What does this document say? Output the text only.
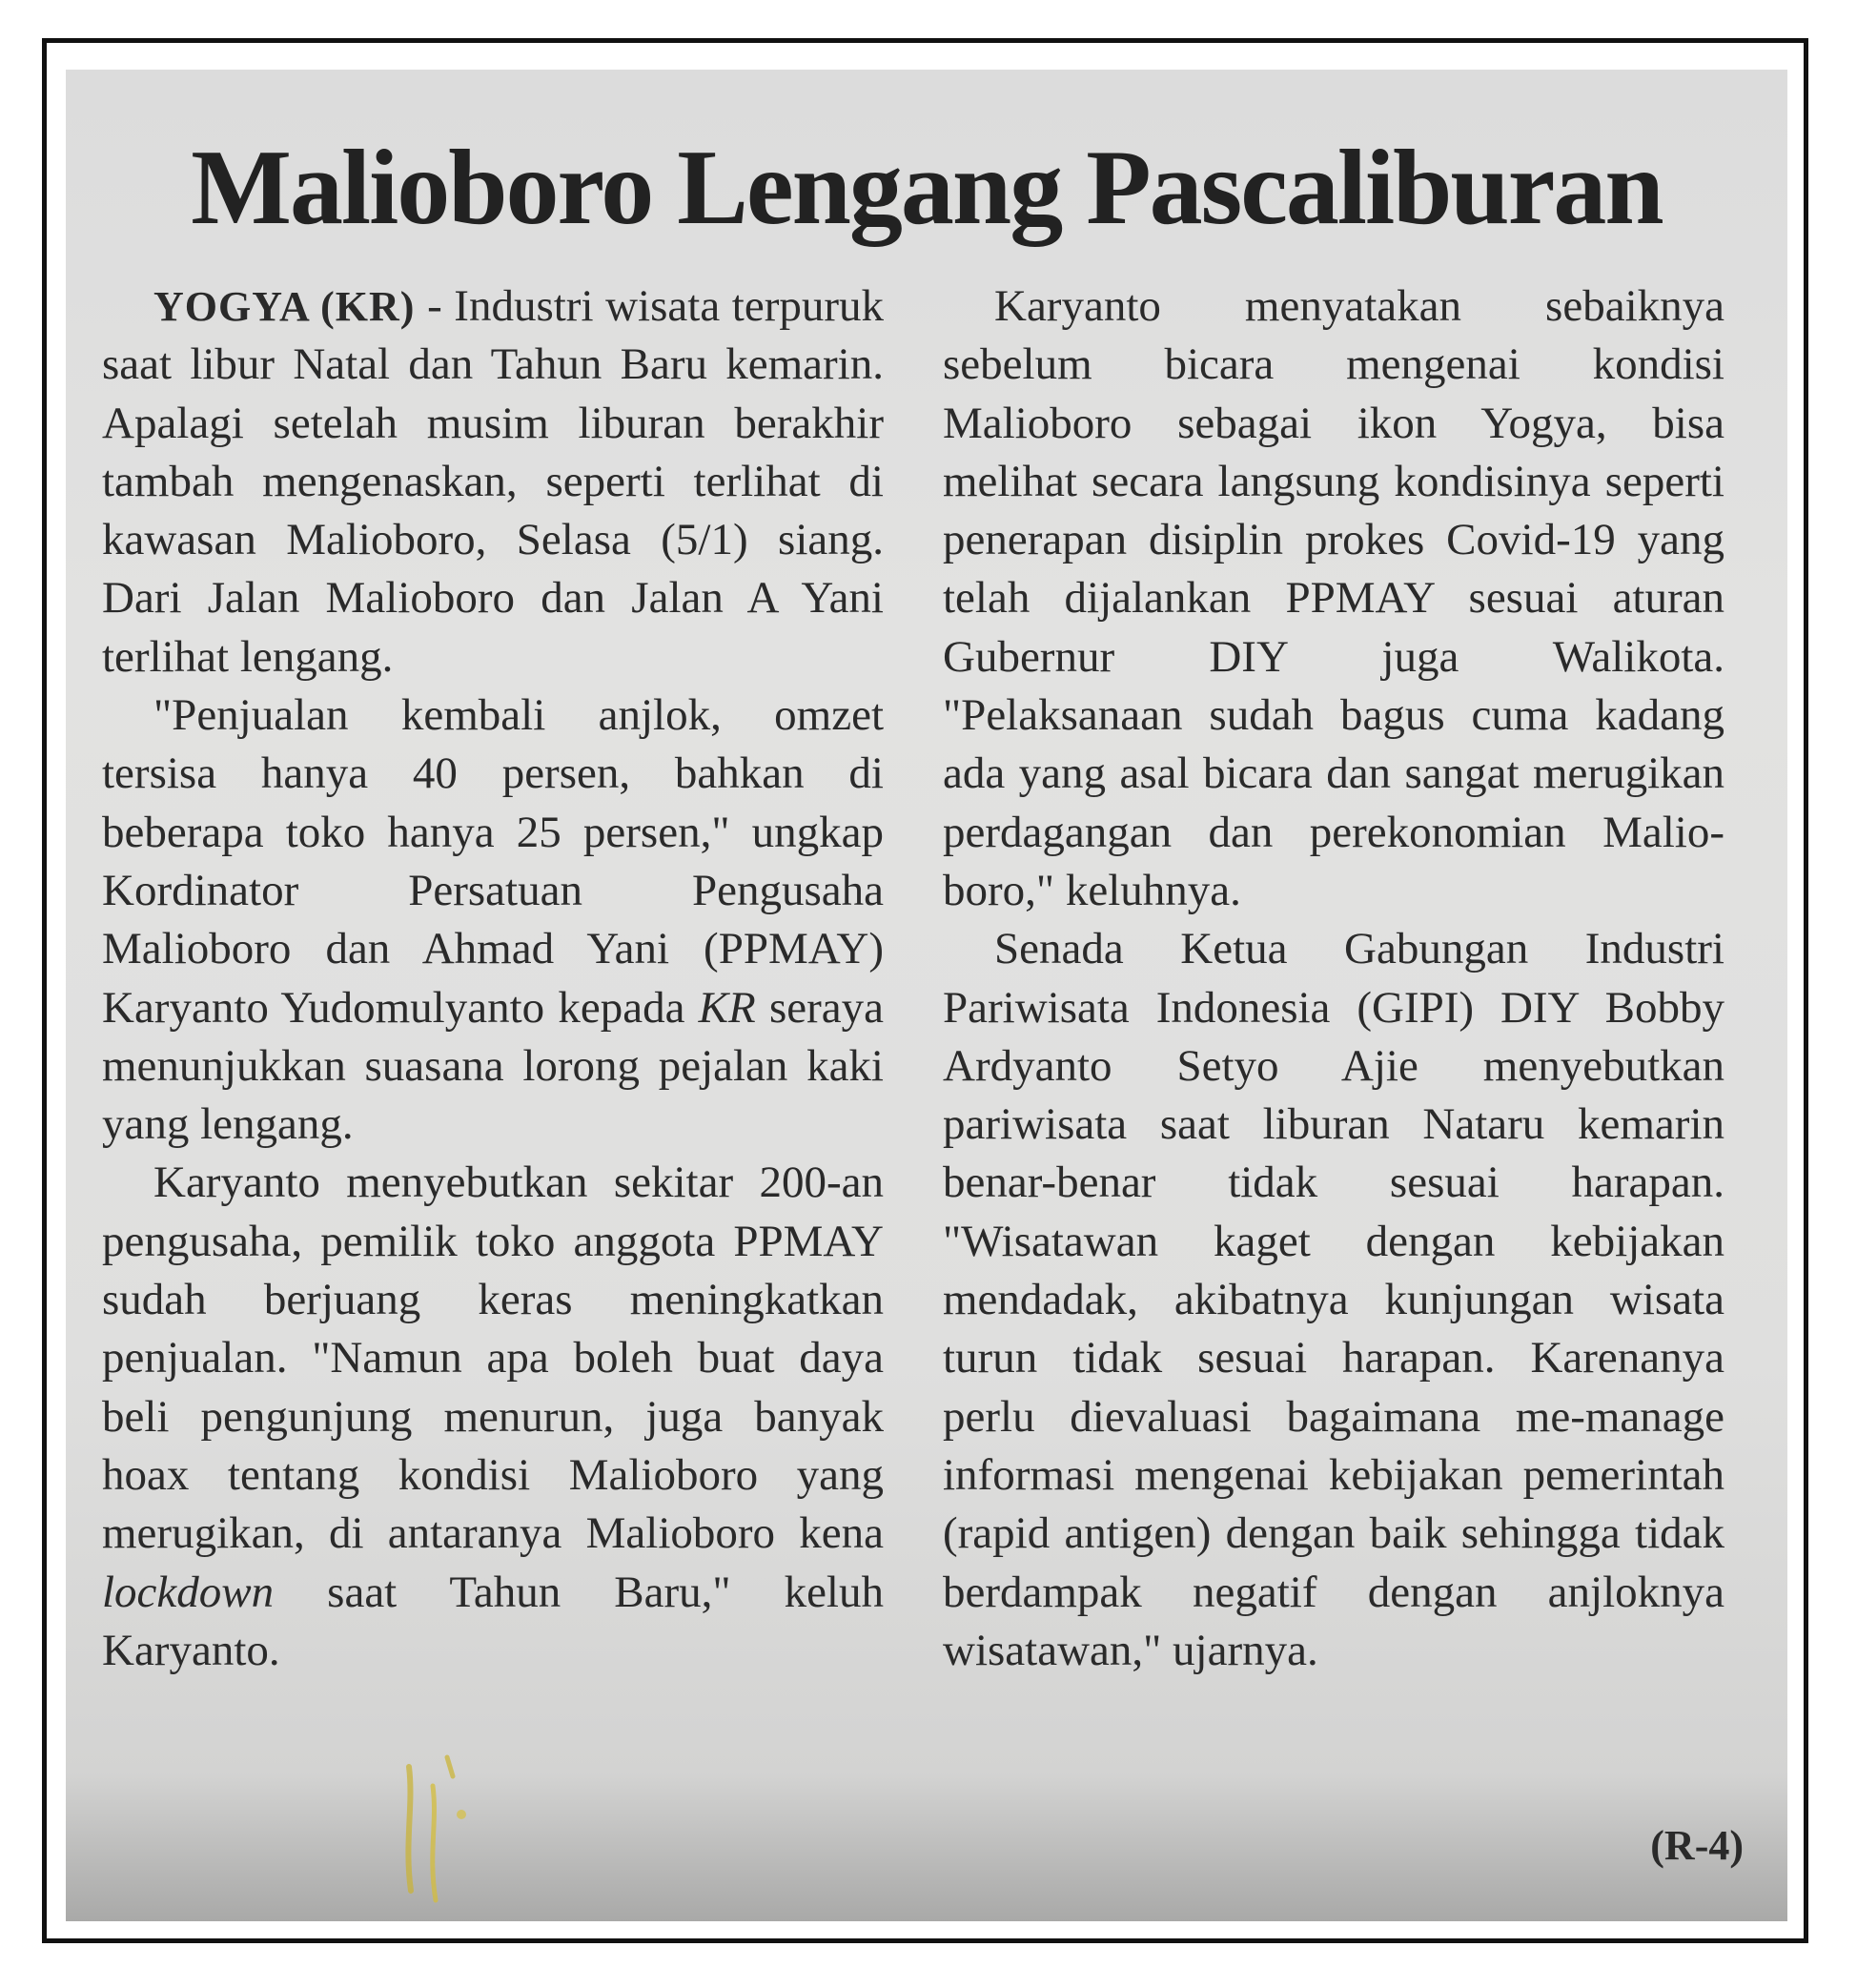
Malioboro Lengang Pascaliburan

YOGYA (KR) - Industri wisata terpuruk saat libur Natal dan Tahun Baru kemarin. Apalagi setelah musim liburan berakhir tambah mengenaskan, seperti terlihat di kawasan Malioboro, Selasa (5/1) siang. Dari Jalan Malioboro dan Jalan A Yani terlihat lengang.

"Penjualan kembali anjlok, omzet tersisa hanya 40 persen, bahkan di beberapa toko hanya 25 persen," ungkap Kordinator Persatuan Pengusaha Malioboro dan Ahmad Yani (PPMAY) Karyanto Yudomulyanto kepada KR seraya menunjukkan suasana lorong pejalan kaki yang lengang.

Karyanto menyebutkan sekitar 200-an pengusaha, pemilik toko anggota PPMAY sudah berjuang keras meningkatkan penjualan. "Namun apa boleh buat daya beli pengunjung menurun, juga banyak hoax tentang kondisi Malioboro yang merugikan, di antaranya Malioboro kena lockdown saat Tahun Baru," keluh Karyanto.

Karyanto menyatakan sebaiknya sebelum bicara mengenai kondisi Malioboro sebagai ikon Yogya, bisa melihat secara langsung kondisinya seperti penerapan disiplin prokes Covid-19 yang telah dijalankan PPMAY sesuai aturan Gubernur DIY juga Walikota. "Pelaksanaan sudah bagus cuma kadang ada yang asal bicara dan sangat merugikan perdagangan dan perekonomian Malioboro," keluhnya.

Senada Ketua Gabungan Industri Pariwisata Indonesia (GIPI) DIY Bobby Ardyanto Setyo Ajie menyebutkan pariwisata saat liburan Nataru kemarin benar-benar tidak sesuai harapan. "Wisatawan kaget dengan kebijakan mendadak, akibatnya kunjungan wisata turun tidak sesuai harapan. Karenanya perlu dievaluasi bagaimana me-manage informasi mengenai kebijakan pemerintah (rapid antigen) dengan baik sehingga tidak berdampak negatif dengan anjloknya wisatawan," ujarnya.

(R-4)
